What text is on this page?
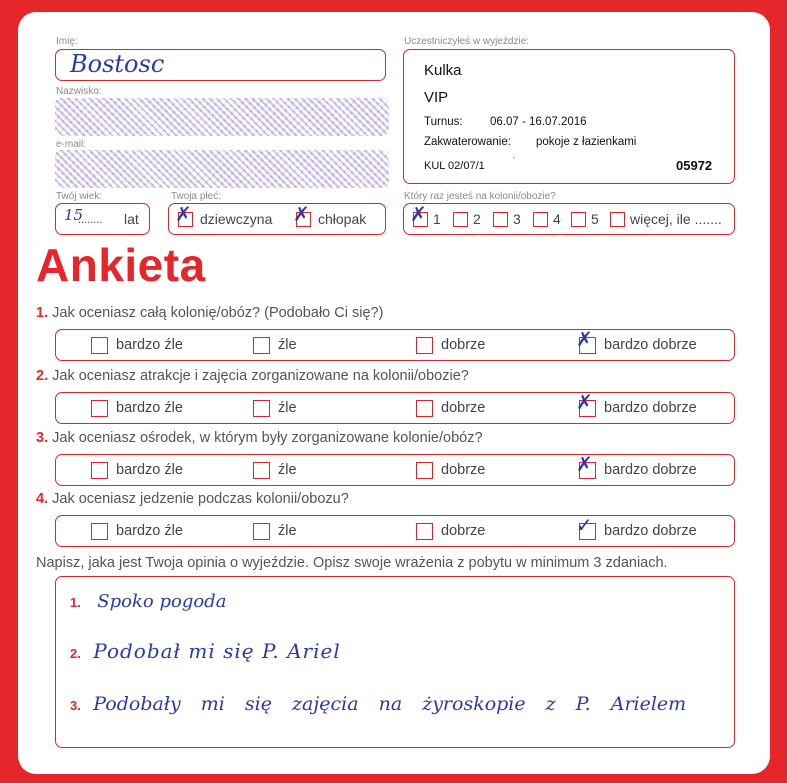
Imię:
Bostosc
Nazwisko:
e-mail:
Twój wiek:
15
........ lat
Twoja płeć:
✗ dziewczyna ✗ chłopak
Uczestniczyłeś w wyjeździe:
Kulka
VIP
Turnus: 06.07 - 16.07.2016
Zakwaterowanie: pokoje z łazienkami
KUL 02/07/1 `	05972
Który raz jesteś na kolonii/obozie?
✗ 1 2 3 4 5 więcej, ile .......
Ankieta
1. Jak oceniasz całą kolonię/obóz? (Podobało Ci się?)
bardzo źle	źle	dobrze	✗ bardzo dobrze
2. Jak oceniasz atrakcje i zajęcia zorganizowane na kolonii/obozie?
bardzo źle	źle	dobrze	✗ bardzo dobrze
3. Jak oceniasz ośrodek, w którym były zorganizowane kolonie/obóz?
bardzo źle	źle	dobrze	✗ bardzo dobrze
4. Jak oceniasz jedzenie podczas kolonii/obozu?
bardzo źle	źle	dobrze	✓ bardzo dobrze
Napisz, jaka jest Twoja opinia o wyjeździe. Opisz swoje wrażenia z pobytu w minimum 3 zdaniach.
1. Spoko pogoda
2. Podobał mi się P. Ariel
3. Podobały mi się zajęcia na żyroskopie z P. Arielem
